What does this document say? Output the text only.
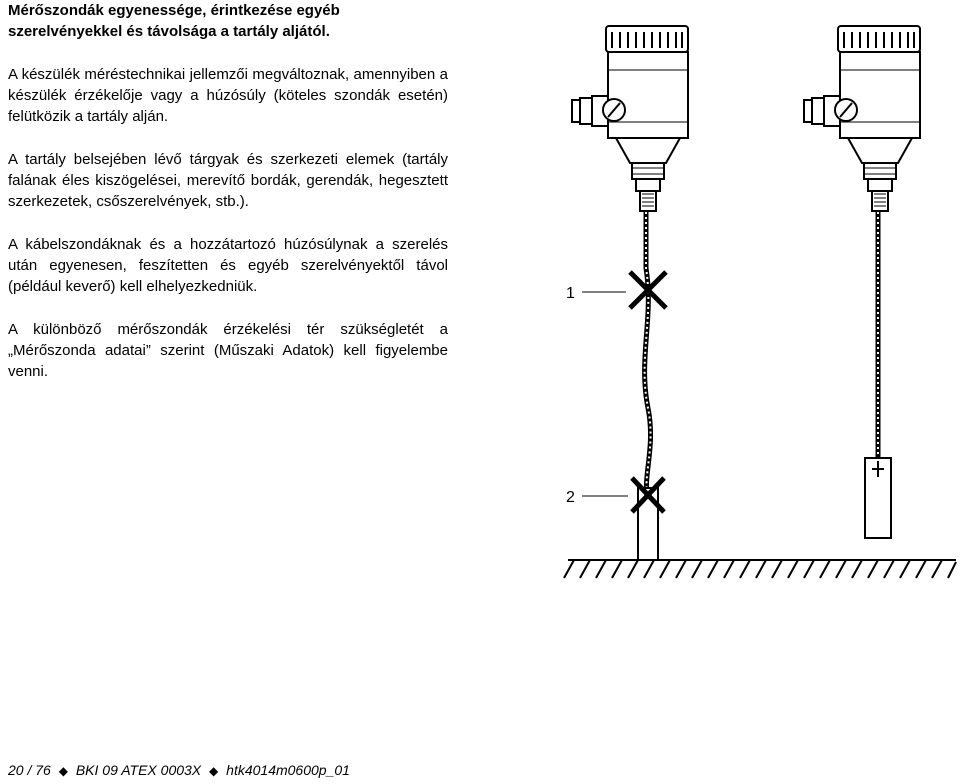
Mérőszondák egyenessége, érintkezése egyéb
szerelvényekkel és távolsága a tartály aljától.

A készülék méréstechnikai jellemzői megváltoznak, amennyiben a készülék érzékelője vagy a húzósúly (köteles szondák esetén) felütközik a tartály alján.

A tartály belsejében lévő tárgyak és szerkezeti elemek (tartály falának éles kiszögelései, merevítő bordák, gerendák, hegesztett szerkezetek, csőszerelvények, stb.).

A kábelszondáknak és a hozzátartozó húzósúlynak a szerelés után egyenesen, feszítetten és egyéb szerelvényektől távol (például keverő) kell elhelyezkedniük.

A különböző mérőszondák érzékelési tér szükségletét a „Mérőszonda adatai” szerint (Műszaki Adatok) kell figyelembe venni.

1
2
20 / 76 ◆ BKI 09 ATEX 0003X ◆ htk4014m0600p_01
